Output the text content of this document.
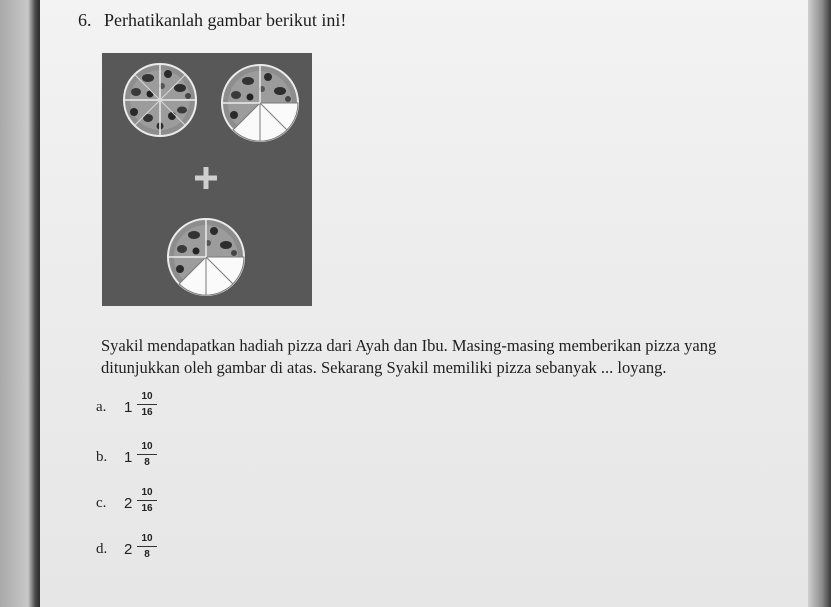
6. Perhatikanlah gambar berikut ini!
Syakil mendapatkan hadiah pizza dari Ayah dan Ibu. Masing-masing memberikan pizza yang
ditunjukkan oleh gambar di atas. Sekarang Syakil memiliki pizza sebanyak ... loyang.
a. 1
10
16
b. 1
10
8
c. 2
10
16
d. 2
10
8
